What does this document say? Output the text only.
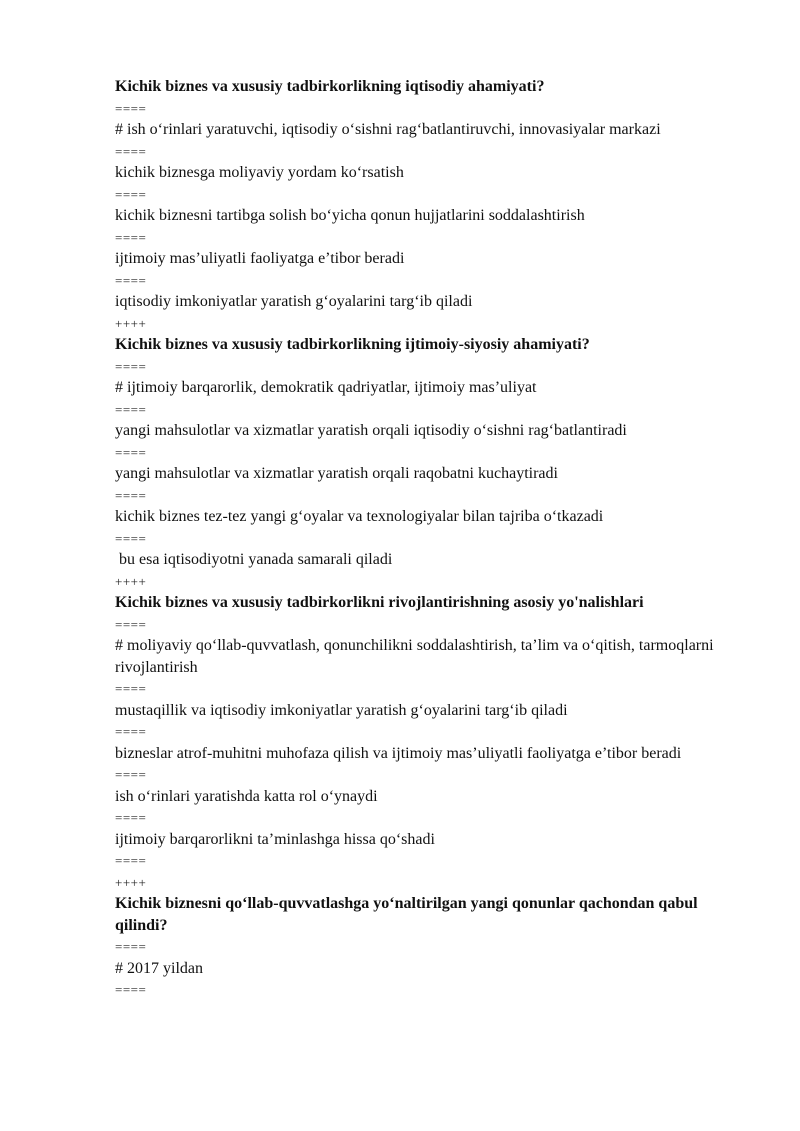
Kichik biznes va xususiy tadbirkorlikning iqtisodiy ahamiyati?
====
# ish o‘rinlari yaratuvchi, iqtisodiy o‘sishni rag‘batlantiruvchi, innovasiyalar markazi
====
kichik biznesga moliyaviy yordam ko‘rsatish
====
kichik biznesni tartibga solish bo‘yicha qonun hujjatlarini soddalashtirish
====
ijtimoiy mas’uliyatli faoliyatga e’tibor beradi
====
iqtisodiy imkoniyatlar yaratish g‘oyalarini targ‘ib qiladi
++++
Kichik biznes va xususiy tadbirkorlikning ijtimoiy-siyosiy ahamiyati?
====
# ijtimoiy barqarorlik, demokratik qadriyatlar, ijtimoiy mas’uliyat
====
yangi mahsulotlar va xizmatlar yaratish orqali iqtisodiy o‘sishni rag‘batlantiradi
====
yangi mahsulotlar va xizmatlar yaratish orqali raqobatni kuchaytiradi
====
kichik biznes tez-tez yangi g‘oyalar va texnologiyalar bilan tajriba o‘tkazadi
====
bu esa iqtisodiyotni yanada samarali qiladi
++++
Kichik biznes va xususiy tadbirkorlikni rivojlantirishning asosiy yo'nalishlari
====
# moliyaviy qo‘llab-quvvatlash, qonunchilikni soddalashtirish, ta’lim va o‘qitish, tarmoqlarni rivojlantirish
====
mustaqillik va iqtisodiy imkoniyatlar yaratish g‘oyalarini targ‘ib qiladi
====
bizneslar atrof-muhitni muhofaza qilish va ijtimoiy mas’uliyatli faoliyatga e’tibor beradi
====
ish o‘rinlari yaratishda katta rol o‘ynaydi
====
ijtimoiy barqarorlikni ta’minlashga hissa qo‘shadi
====
++++
Kichik biznesni qo‘llab-quvvatlashga yo‘naltirilgan yangi qonunlar qachondan qabul qilindi?
====
# 2017 yildan
====
